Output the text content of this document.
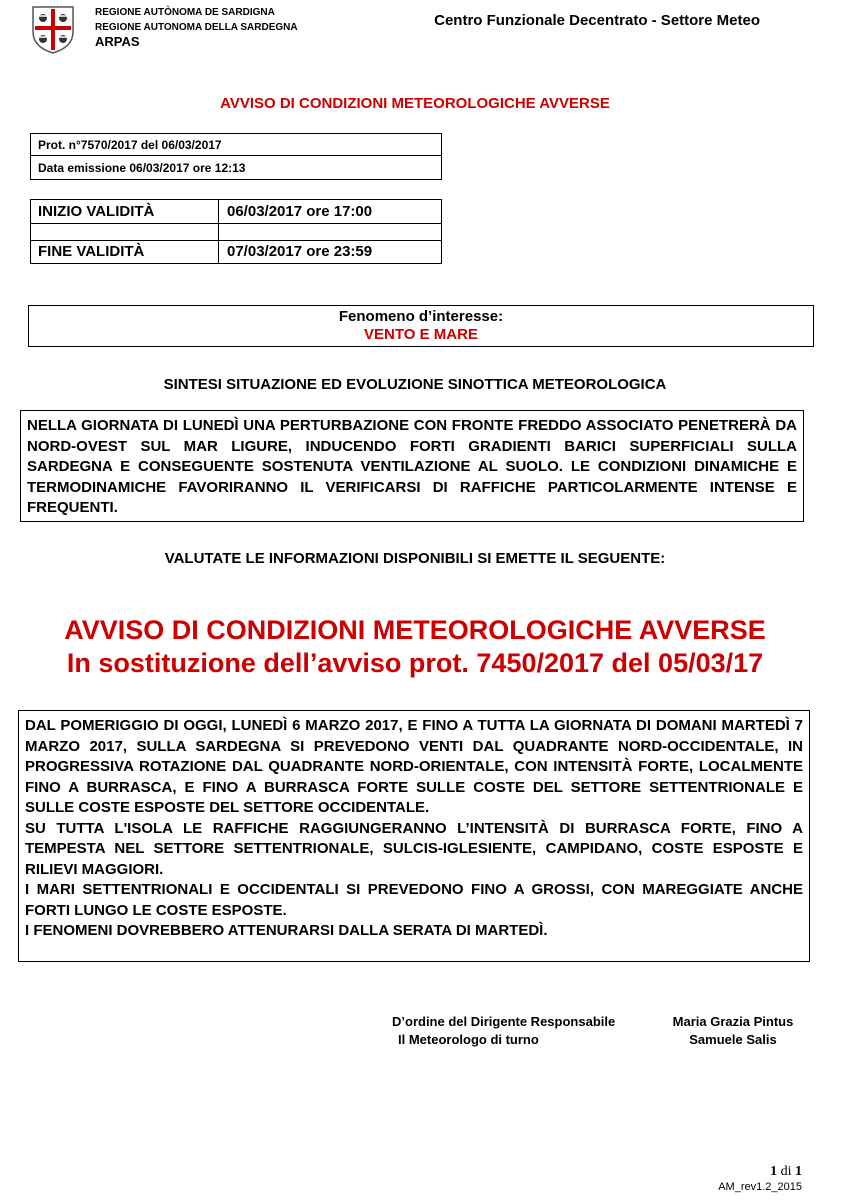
REGIONE AUTÒNOMA DE SARDIGNA
REGIONE AUTONOMA DELLA SARDEGNA
ARPAS
Centro Funzionale Decentrato - Settore Meteo
AVVISO DI CONDIZIONI METEOROLOGICHE AVVERSE
Prot. n°7570/2017 del 06/03/2017
Data emissione 06/03/2017 ore 12:13
INIZIO VALIDITÀ	06/03/2017 ore 17:00
FINE VALIDITÀ	07/03/2017 ore 23:59
Fenomeno d’interesse:
VENTO E MARE
SINTESI SITUAZIONE ED EVOLUZIONE SINOTTICA METEOROLOGICA

NELLA GIORNATA DI LUNEDÌ UNA PERTURBAZIONE CON FRONTE FREDDO ASSOCIATO PENETRERÀ DA NORD-OVEST SUL MAR LIGURE, INDUCENDO FORTI GRADIENTI BARICI SUPERFICIALI SULLA SARDEGNA E CONSEGUENTE SOSTENUTA VENTILAZIONE AL SUOLO. LE CONDIZIONI DINAMICHE E TERMODINAMICHE FAVORIRANNO IL VERIFICARSI DI RAFFICHE PARTICOLARMENTE INTENSE E FREQUENTI.

VALUTATE LE INFORMAZIONI DISPONIBILI SI EMETTE IL SEGUENTE:
AVVISO DI CONDIZIONI METEOROLOGICHE AVVERSE
In sostituzione dell’avviso prot. 7450/2017 del 05/03/17

DAL POMERIGGIO DI OGGI, LUNEDÌ 6 MARZO 2017, E FINO A TUTTA LA GIORNATA DI DOMANI MARTEDÌ 7 MARZO 2017, SULLA SARDEGNA SI PREVEDONO VENTI DAL QUADRANTE NORD-OCCIDENTALE, IN PROGRESSIVA ROTAZIONE DAL QUADRANTE NORD-ORIENTALE, CON INTENSITÀ FORTE, LOCALMENTE FINO A BURRASCA, E FINO A BURRASCA FORTE SULLE COSTE DEL SETTORE SETTENTRIONALE E SULLE COSTE ESPOSTE DEL SETTORE OCCIDENTALE.

SU TUTTA L'ISOLA LE RAFFICHE RAGGIUNGERANNO L’INTENSITÀ DI BURRASCA FORTE, FINO A TEMPESTA NEL SETTORE SETTENTRIONALE, SULCIS-IGLESIENTE, CAMPIDANO, COSTE ESPOSTE E RILIEVI MAGGIORI.

I MARI SETTENTRIONALI E OCCIDENTALI SI PREVEDONO FINO A GROSSI, CON MAREGGIATE ANCHE FORTI LUNGO LE COSTE ESPOSTE.

I FENOMENI DOVREBBERO ATTENURARSI DALLA SERATA DI MARTEDÌ.

D’ordine del Dirigente Responsabile
Il Meteorologo di turno
Maria Grazia Pintus
Samuele Salis
1 di 1
AM_rev1.2_2015
